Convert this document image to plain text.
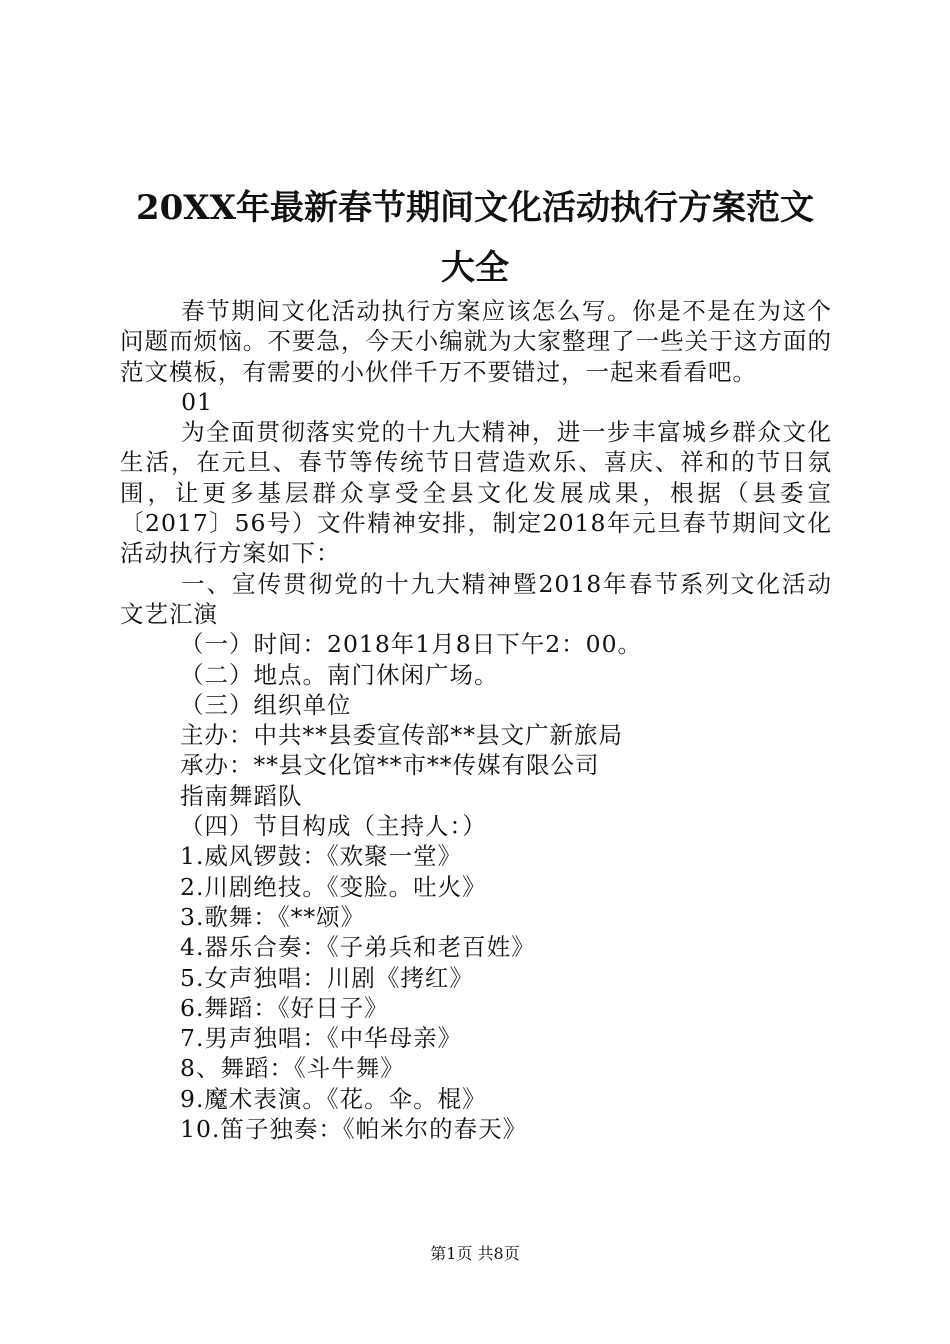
20XX年最新春节期间文化活动执行方案范文
大全

春节期间文化活动执行方案应该怎么写。你是不是在为这个问题而烦恼。不要急，今天小编就为大家整理了一些关于这方面的范文模板，有需要的小伙伴千万不要错过，一起来看看吧。

01

为全面贯彻落实党的十九大精神，进一步丰富城乡群众文化生活，在元旦、春节等传统节日营造欢乐、喜庆、祥和的节日氛围，让更多基层群众享受全县文化发展成果，根据（县委宣〔2017〕56号）文件精神安排，制定2018年元旦春节期间文化活动执行方案如下：

一、宣传贯彻党的十九大精神暨2018年春节系列文化活动文艺汇演

（一）时间：2018年1月8日下午2：00。

（二）地点。南门休闲广场。

（三）组织单位

主办：中共**县委宣传部**县文广新旅局

承办：**县文化馆**市**传媒有限公司

指南舞蹈队

（四）节目构成（主持人：）

1.威风锣鼓：《欢聚一堂》

2.川剧绝技。《变脸。吐火》

3.歌舞：《**颂》

4.器乐合奏：《子弟兵和老百姓》

5.女声独唱：川剧《拷红》

6.舞蹈：《好日子》

7.男声独唱：《中华母亲》

8、舞蹈：《斗牛舞》

9.魔术表演。《花。伞。棍》

10.笛子独奏：《帕米尔的春天》

第1页 共8页
